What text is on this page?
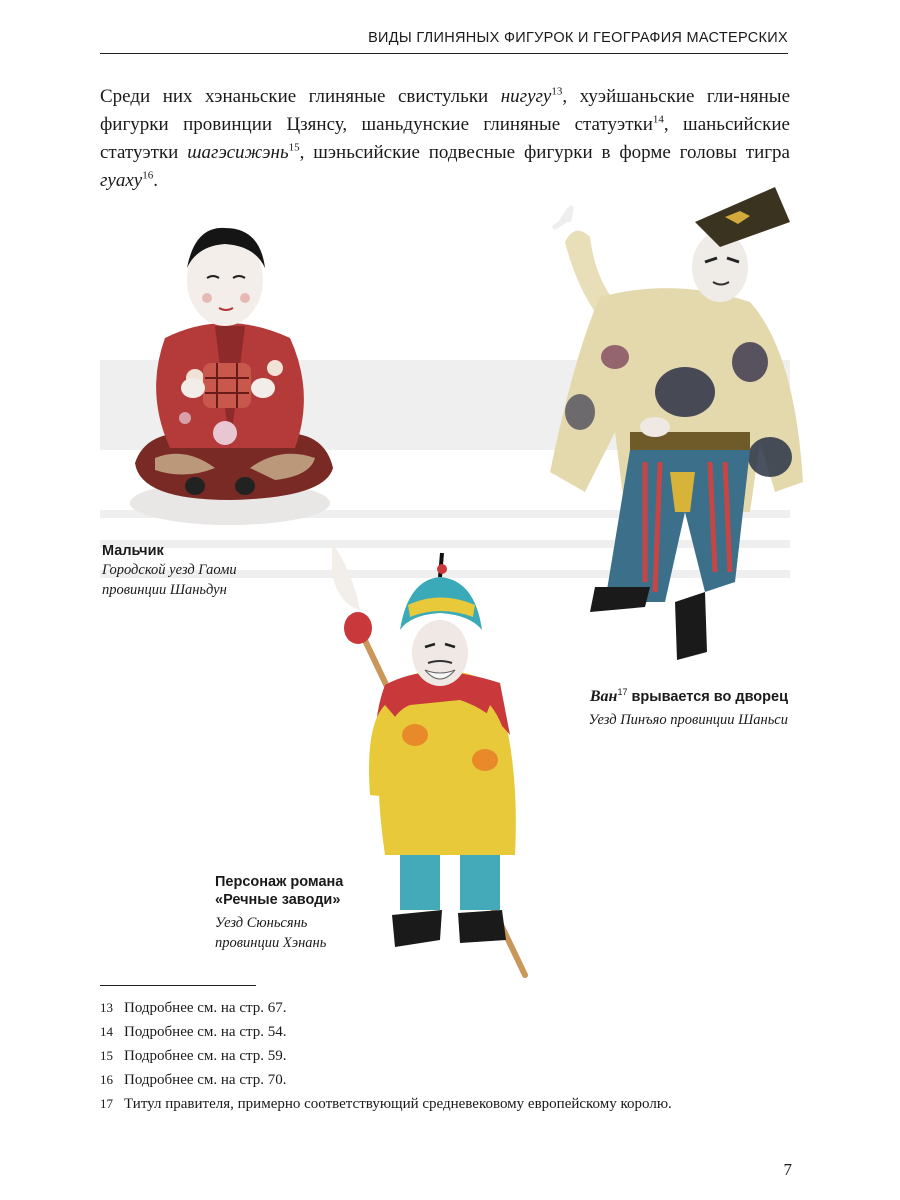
ВИДЫ ГЛИНЯНЫХ ФИГУРОК И ГЕОГРАФИЯ МАСТЕРСКИХ

Среди них хэнаньские глиняные свистульки нигугу$^{13}$, хуэйшаньские гли-няные фигурки провинции Цзянсу, шаньдунские глиняные статуэтки$^{14}$, шаньсийские статуэтки шагэсижэнь$^{15}$, шэньсийские подвесные фигурки в форме головы тигра гуаху$^{16}$.

Мальчик
Городской уезд Гаоми
провинции Шаньдун
Ван$^{17}$ врывается во дворец
Уезд Пинъяо провинции Шаньси
Персонаж романа
«Речные заводи»
Уезд Сюньсянь
провинции Хэнань
13 Подробнее см. на стр. 67.
14 Подробнее см. на стр. 54.
15 Подробнее см. на стр. 59.
16 Подробнее см. на стр. 70.
17 Титул правителя, примерно соответствующий средневековому европейскому королю.
7
